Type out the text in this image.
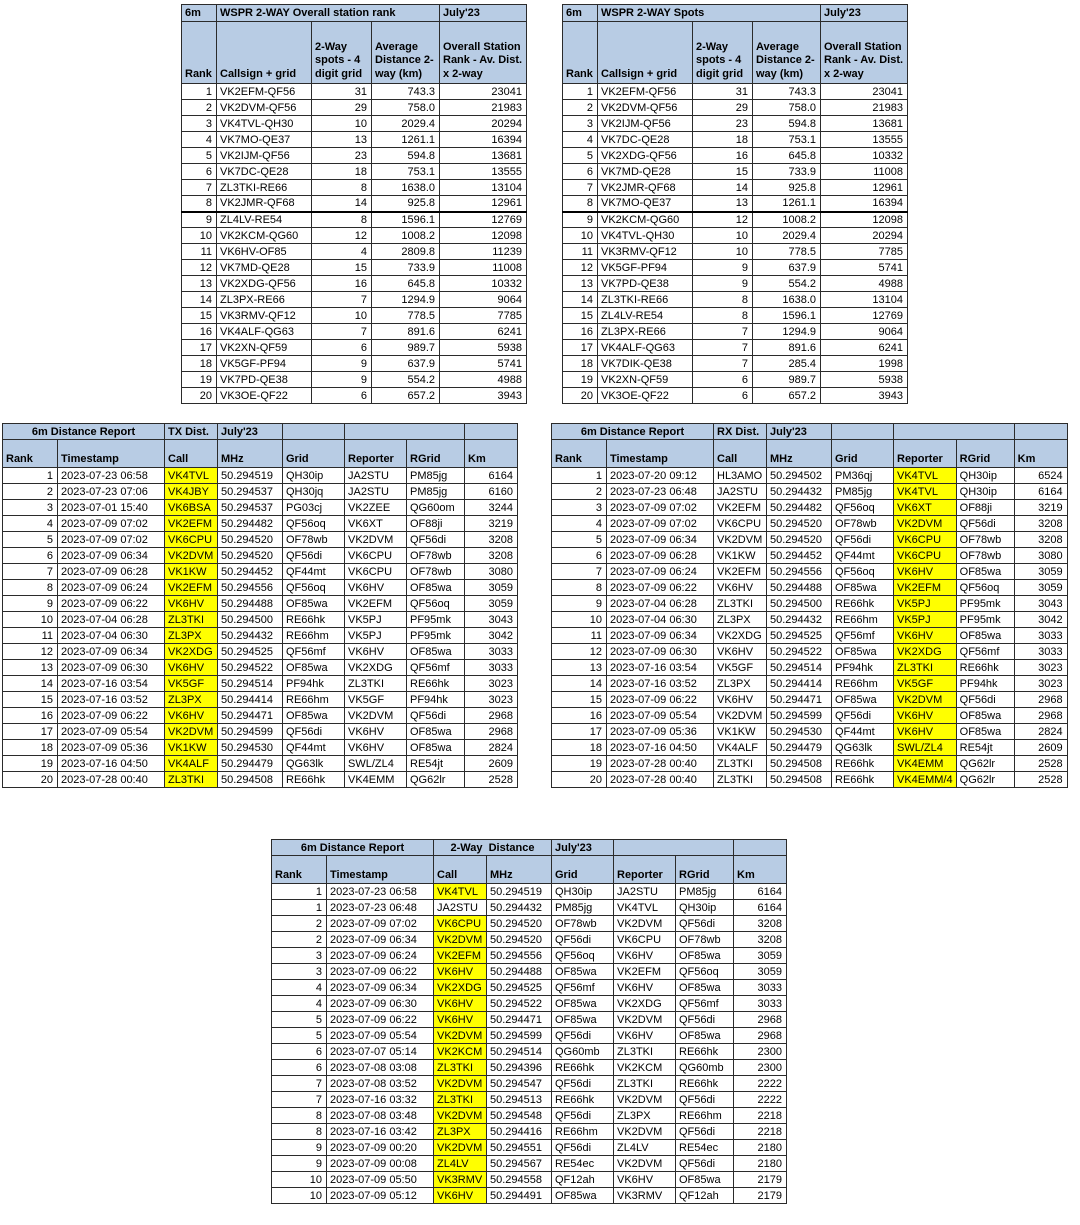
6m	WSPR 2-WAY Overall station rank			July'23
Rank	Callsign + grid	2-Way spots - 4 digit grid	Average Distance 2-way (km)	Overall Station Rank - Av. Dist. x 2-way
1	VK2EFM-QF56	31	743.3	23041
2	VK2DVM-QF56	29	758.0	21983
3	VK4TVL-QH30	10	2029.4	20294
4	VK7MO-QE37	13	1261.1	16394
5	VK2IJM-QF56	23	594.8	13681
6	VK7DC-QE28	18	753.1	13555
7	ZL3TKI-RE66	8	1638.0	13104
8	VK2JMR-QF68	14	925.8	12961
9	ZL4LV-RE54	8	1596.1	12769
10	VK2KCM-QG60	12	1008.2	12098
11	VK6HV-OF85	4	2809.8	11239
12	VK7MD-QE28	15	733.9	11008
13	VK2XDG-QF56	16	645.8	10332
14	ZL3PX-RE66	7	1294.9	9064
15	VK3RMV-QF12	10	778.5	7785
16	VK4ALF-QG63	7	891.6	6241
17	VK2XN-QF59	6	989.7	5938
18	VK5GF-PF94	9	637.9	5741
19	VK7PD-QE38	9	554.2	4988
20	VK3OE-QF22	6	657.2	3943
6m	WSPR 2-WAY Spots			July'23
Rank	Callsign + grid	2-Way spots - 4 digit grid	Average Distance 2-way (km)	Overall Station Rank - Av. Dist. x 2-way
1	VK2EFM-QF56	31	743.3	23041
2	VK2DVM-QF56	29	758.0	21983
3	VK2IJM-QF56	23	594.8	13681
4	VK7DC-QE28	18	753.1	13555
5	VK2XDG-QF56	16	645.8	10332
6	VK7MD-QE28	15	733.9	11008
7	VK2JMR-QF68	14	925.8	12961
8	VK7MO-QE37	13	1261.1	16394
9	VK2KCM-QG60	12	1008.2	12098
10	VK4TVL-QH30	10	2029.4	20294
11	VK3RMV-QF12	10	778.5	7785
12	VK5GF-PF94	9	637.9	5741
13	VK7PD-QE38	9	554.2	4988
14	ZL3TKI-RE66	8	1638.0	13104
15	ZL4LV-RE54	8	1596.1	12769
16	ZL3PX-RE66	7	1294.9	9064
17	VK4ALF-QG63	7	891.6	6241
18	VK7DIK-QE38	7	285.4	1998
19	VK2XN-QF59	6	989.7	5938
20	VK3OE-QF22	6	657.2	3943
6m Distance Report		TX Dist.	July'23				
Rank	Timestamp	Call	MHz	Grid	Reporter	RGrid	Km
1	2023-07-23 06:58	VK4TVL	50.294519	QH30ip	JA2STU	PM85jg	6164
2	2023-07-23 07:06	VK4JBY	50.294537	QH30jq	JA2STU	PM85jg	6160
3	2023-07-01 15:40	VK6BSA	50.294537	PG03cj	VK2ZEE	QG60om	3244
4	2023-07-09 07:02	VK2EFM	50.294482	QF56oq	VK6XT	OF88ji	3219
5	2023-07-09 07:02	VK6CPU	50.294520	OF78wb	VK2DVM	QF56di	3208
6	2023-07-09 06:34	VK2DVM	50.294520	QF56di	VK6CPU	OF78wb	3208
7	2023-07-09 06:28	VK1KW	50.294452	QF44mt	VK6CPU	OF78wb	3080
8	2023-07-09 06:24	VK2EFM	50.294556	QF56oq	VK6HV	OF85wa	3059
9	2023-07-09 06:22	VK6HV	50.294488	OF85wa	VK2EFM	QF56oq	3059
10	2023-07-04 06:28	ZL3TKI	50.294500	RE66hk	VK5PJ	PF95mk	3043
11	2023-07-04 06:30	ZL3PX	50.294432	RE66hm	VK5PJ	PF95mk	3042
12	2023-07-09 06:34	VK2XDG	50.294525	QF56mf	VK6HV	OF85wa	3033
13	2023-07-09 06:30	VK6HV	50.294522	OF85wa	VK2XDG	QF56mf	3033
14	2023-07-16 03:54	VK5GF	50.294514	PF94hk	ZL3TKI	RE66hk	3023
15	2023-07-16 03:52	ZL3PX	50.294414	RE66hm	VK5GF	PF94hk	3023
16	2023-07-09 06:22	VK6HV	50.294471	OF85wa	VK2DVM	QF56di	2968
17	2023-07-09 05:54	VK2DVM	50.294599	QF56di	VK6HV	OF85wa	2968
18	2023-07-09 05:36	VK1KW	50.294530	QF44mt	VK6HV	OF85wa	2824
19	2023-07-16 04:50	VK4ALF	50.294479	QG63lk	SWL/ZL4	RE54jt	2609
20	2023-07-28 00:40	ZL3TKI	50.294508	RE66hk	VK4EMM	QG62lr	2528
6m Distance Report		RX Dist.	July'23				
Rank	Timestamp	Call	MHz	Grid	Reporter	RGrid	Km
1	2023-07-20 09:12	HL3AMO	50.294502	PM36qj	VK4TVL	QH30ip	6524
2	2023-07-23 06:48	JA2STU	50.294432	PM85jg	VK4TVL	QH30ip	6164
3	2023-07-09 07:02	VK2EFM	50.294482	QF56oq	VK6XT	OF88ji	3219
4	2023-07-09 07:02	VK6CPU	50.294520	OF78wb	VK2DVM	QF56di	3208
5	2023-07-09 06:34	VK2DVM	50.294520	QF56di	VK6CPU	OF78wb	3208
6	2023-07-09 06:28	VK1KW	50.294452	QF44mt	VK6CPU	OF78wb	3080
7	2023-07-09 06:24	VK2EFM	50.294556	QF56oq	VK6HV	OF85wa	3059
8	2023-07-09 06:22	VK6HV	50.294488	OF85wa	VK2EFM	QF56oq	3059
9	2023-07-04 06:28	ZL3TKI	50.294500	RE66hk	VK5PJ	PF95mk	3043
10	2023-07-04 06:30	ZL3PX	50.294432	RE66hm	VK5PJ	PF95mk	3042
11	2023-07-09 06:34	VK2XDG	50.294525	QF56mf	VK6HV	OF85wa	3033
12	2023-07-09 06:30	VK6HV	50.294522	OF85wa	VK2XDG	QF56mf	3033
13	2023-07-16 03:54	VK5GF	50.294514	PF94hk	ZL3TKI	RE66hk	3023
14	2023-07-16 03:52	ZL3PX	50.294414	RE66hm	VK5GF	PF94hk	3023
15	2023-07-09 06:22	VK6HV	50.294471	OF85wa	VK2DVM	QF56di	2968
16	2023-07-09 05:54	VK2DVM	50.294599	QF56di	VK6HV	OF85wa	2968
17	2023-07-09 05:36	VK1KW	50.294530	QF44mt	VK6HV	OF85wa	2824
18	2023-07-16 04:50	VK4ALF	50.294479	QG63lk	SWL/ZL4	RE54jt	2609
19	2023-07-28 00:40	ZL3TKI	50.294508	RE66hk	VK4EMM	QG62lr	2528
20	2023-07-28 00:40	ZL3TKI	50.294508	RE66hk	VK4EMM/4	QG62lr	2528
6m Distance Report		2-Way  Distance		July'23			
Rank	Timestamp	Call	MHz	Grid	Reporter	RGrid	Km
1	2023-07-23 06:58	VK4TVL	50.294519	QH30ip	JA2STU	PM85jg	6164
1	2023-07-23 06:48	JA2STU	50.294432	PM85jg	VK4TVL	QH30ip	6164
2	2023-07-09 07:02	VK6CPU	50.294520	OF78wb	VK2DVM	QF56di	3208
2	2023-07-09 06:34	VK2DVM	50.294520	QF56di	VK6CPU	OF78wb	3208
3	2023-07-09 06:24	VK2EFM	50.294556	QF56oq	VK6HV	OF85wa	3059
3	2023-07-09 06:22	VK6HV	50.294488	OF85wa	VK2EFM	QF56oq	3059
4	2023-07-09 06:34	VK2XDG	50.294525	QF56mf	VK6HV	OF85wa	3033
4	2023-07-09 06:30	VK6HV	50.294522	OF85wa	VK2XDG	QF56mf	3033
5	2023-07-09 06:22	VK6HV	50.294471	OF85wa	VK2DVM	QF56di	2968
5	2023-07-09 05:54	VK2DVM	50.294599	QF56di	VK6HV	OF85wa	2968
6	2023-07-07 05:14	VK2KCM	50.294514	QG60mb	ZL3TKI	RE66hk	2300
6	2023-07-08 03:08	ZL3TKI	50.294396	RE66hk	VK2KCM	QG60mb	2300
7	2023-07-08 03:52	VK2DVM	50.294547	QF56di	ZL3TKI	RE66hk	2222
7	2023-07-16 03:32	ZL3TKI	50.294513	RE66hk	VK2DVM	QF56di	2222
8	2023-07-08 03:48	VK2DVM	50.294548	QF56di	ZL3PX	RE66hm	2218
8	2023-07-16 03:42	ZL3PX	50.294416	RE66hm	VK2DVM	QF56di	2218
9	2023-07-09 00:20	VK2DVM	50.294551	QF56di	ZL4LV	RE54ec	2180
9	2023-07-09 00:08	ZL4LV	50.294567	RE54ec	VK2DVM	QF56di	2180
10	2023-07-09 05:50	VK3RMV	50.294558	QF12ah	VK6HV	OF85wa	2179
10	2023-07-09 05:12	VK6HV	50.294491	OF85wa	VK3RMV	QF12ah	2179
